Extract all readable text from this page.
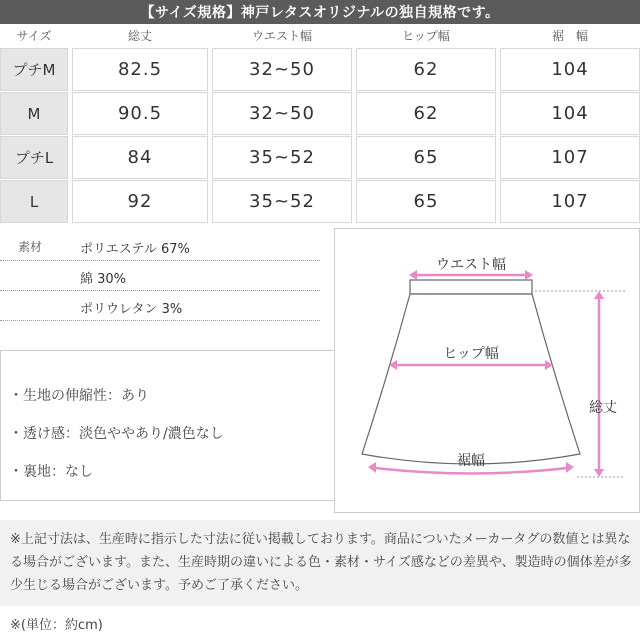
【サイズ規格】神戸レタスオリジナルの独自規格です。
サイズ	総丈	ウエスト幅	ヒップ幅	裾　幅
プチM	82.5	32~50	62	104
M	90.5	32~50	62	104
プチL	84	35~52	65	107
L	92	35~52	65	107
素材	ポリエステル 67%
綿 30%
ポリウレタン 3%
・生地の伸縮性：あり
・透け感：淡色ややあり/濃色なし
・裏地：なし
ウエスト幅
ヒップ幅
裾幅
総丈
※上記寸法は、生産時に指示した寸法に従い掲載しております。商品についたメーカータグの数値とは異なる場合がございます。また、生産時期の違いによる色・素材・サイズ感などの差異や、製造時の個体差が多少生じる場合がございます。予めご了承ください。
※(単位：約cm)
